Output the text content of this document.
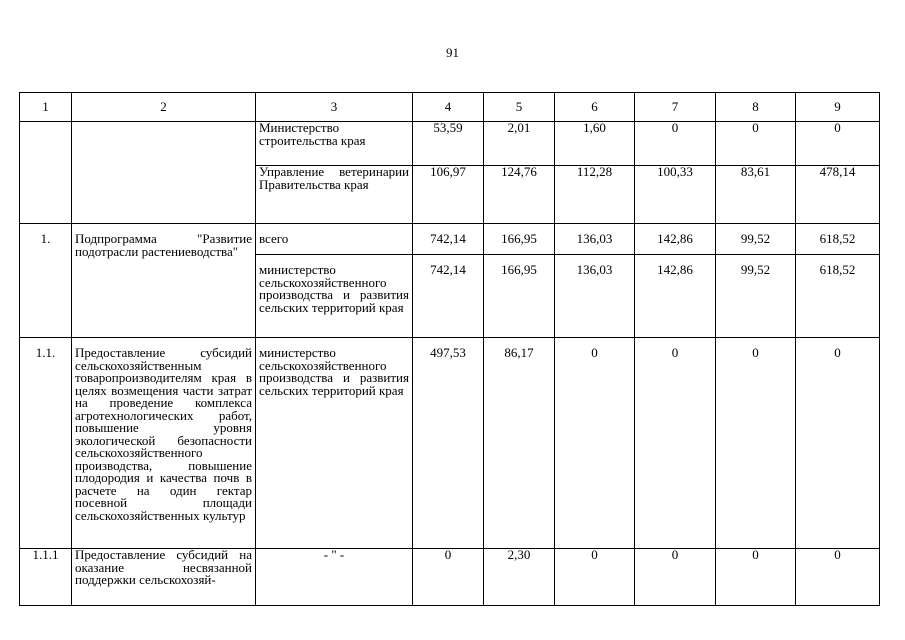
91
1	2	3	4	5	6	7	8	9
		Министерство строительства края	53,59	2,01	1,60	0	0	0
		Управление ветеринарии Правительства края	106,97	124,76	112,28	100,33	83,61	478,14
1.	Подпрограмма "Развитие подотрасли растениеводства"	всего	742,14	166,95	136,03	142,86	99,52	618,52
		министерство сельскохозяйственного производства и развития сельских территорий края	742,14	166,95	136,03	142,86	99,52	618,52
1.1.	Предоставление субсидий сельскохозяйственным товаропроизводителям края в целях возмещения части затрат на проведение комплекса агротехнологических работ, повышение уровня экологической безопасности сельскохозяйственного производства, повышение плодородия и качества почв в расчете на один гектар посевной площади сельскохозяйственных культур	министерство сельскохозяйственного производства и развития сельских территорий края	497,53	86,17	0	0	0	0
1.1.1	Предоставление субсидий на оказание несвязанной поддержки сельскохозяй-	- " -	0	2,30	0	0	0	0
